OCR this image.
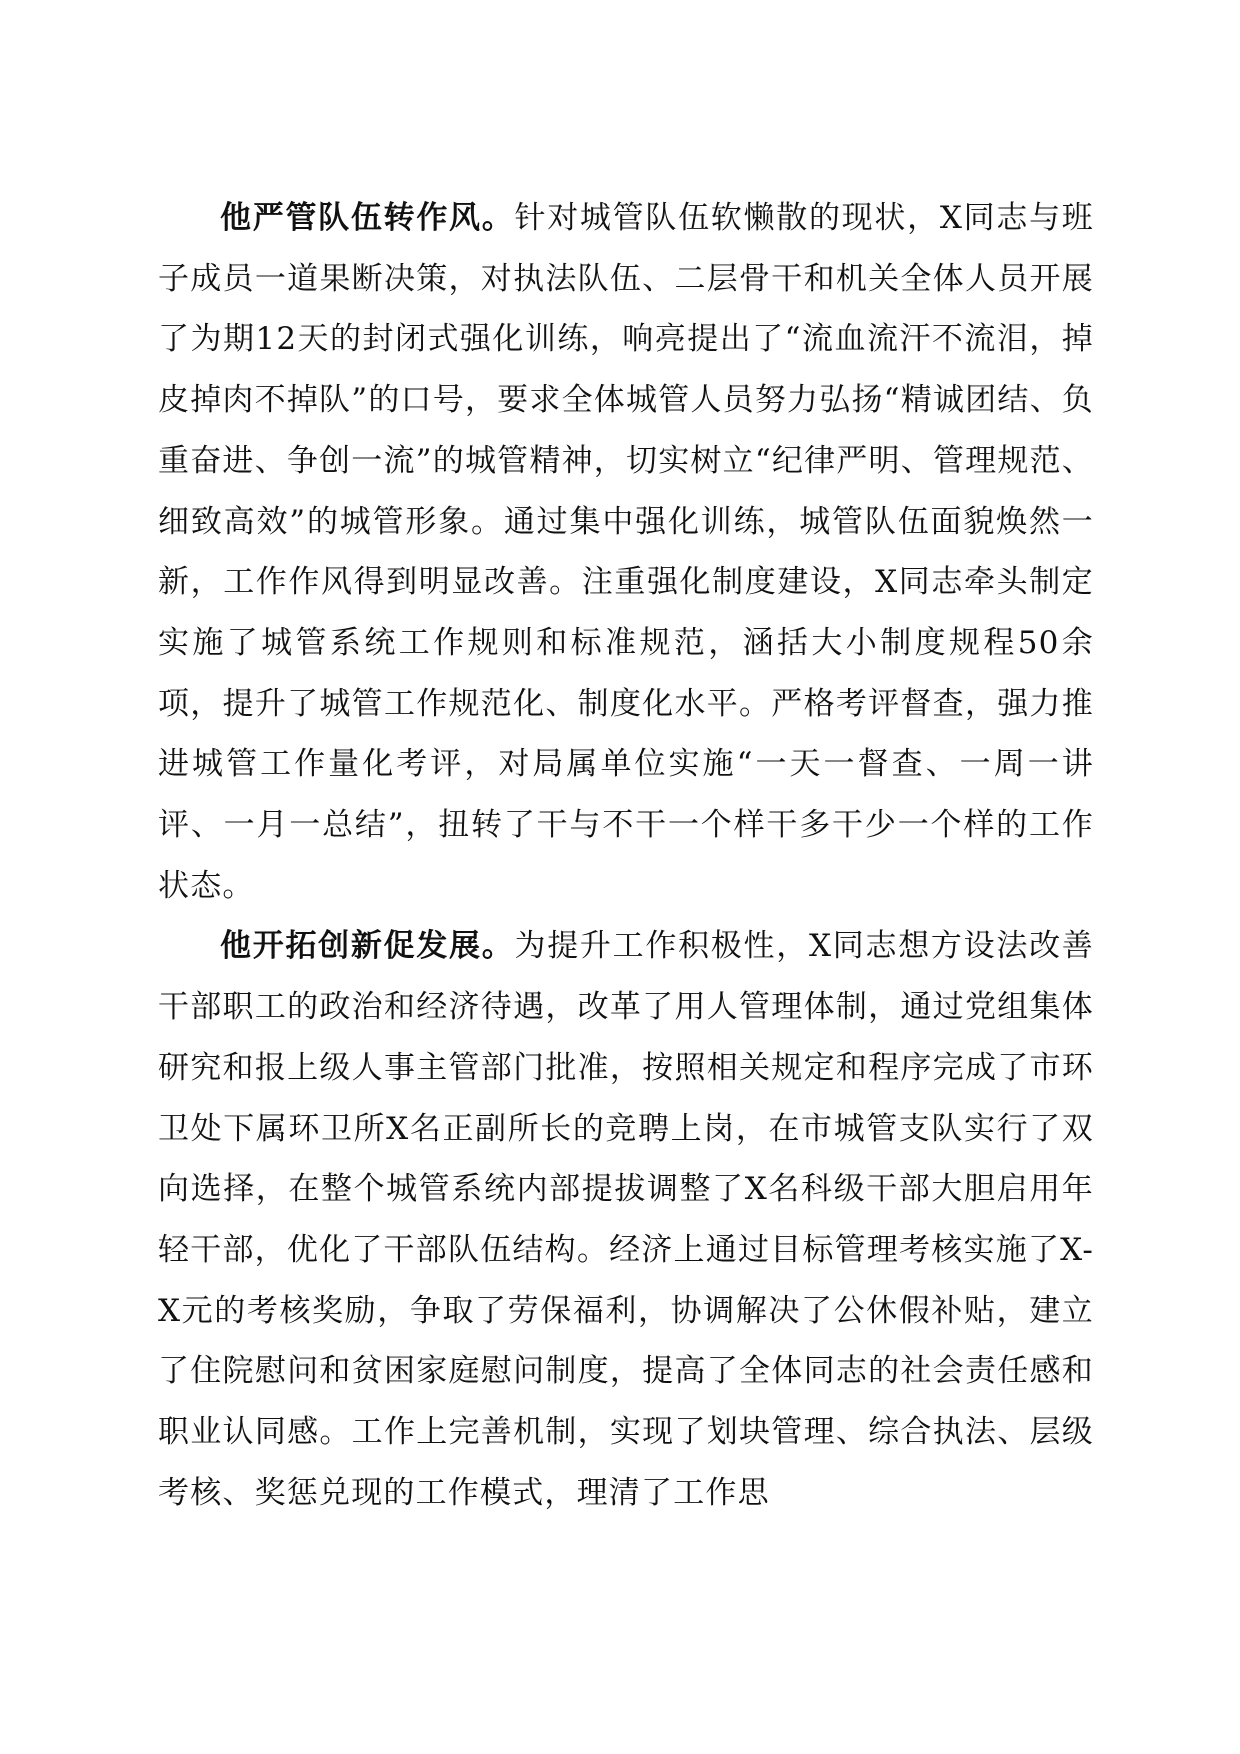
他严管队伍转作风。针对城管队伍软懒散的现状，X同志与班子成员一道果断决策，对执法队伍、二层骨干和机关全体人员开展了为期12天的封闭式强化训练，响亮提出了“流血流汗不流泪，掉皮掉肉不掉队”的口号，要求全体城管人员努力弘扬“精诚团结、负重奋进、争创一流”的城管精神，切实树立“纪律严明、管理规范、细致高效”的城管形象。通过集中强化训练，城管队伍面貌焕然一新，工作作风得到明显改善。注重强化制度建设，X同志牵头制定实施了城管系统工作规则和标准规范，涵括大小制度规程50余项，提升了城管工作规范化、制度化水平。严格考评督查，强力推进城管工作量化考评，对局属单位实施“一天一督查、一周一讲评、一月一总结”，扭转了干与不干一个样干多干少一个样的工作状态。

他开拓创新促发展。为提升工作积极性，X同志想方设法改善干部职工的政治和经济待遇，改革了用人管理体制，通过党组集体研究和报上级人事主管部门批准，按照相关规定和程序完成了市环卫处下属环卫所X名正副所长的竞聘上岗，在市城管支队实行了双向选择，在整个城管系统内部提拔调整了X名科级干部大胆启用年轻干部，优化了干部队伍结构。经济上通过目标管理考核实施了X-X元的考核奖励，争取了劳保福利，协调解决了公休假补贴，建立了住院慰问和贫困家庭慰问制度，提高了全体同志的社会责任感和职业认同感。工作上完善机制，实现了划块管理、综合执法、层级考核、奖惩兑现的工作模式，理清了工作思
